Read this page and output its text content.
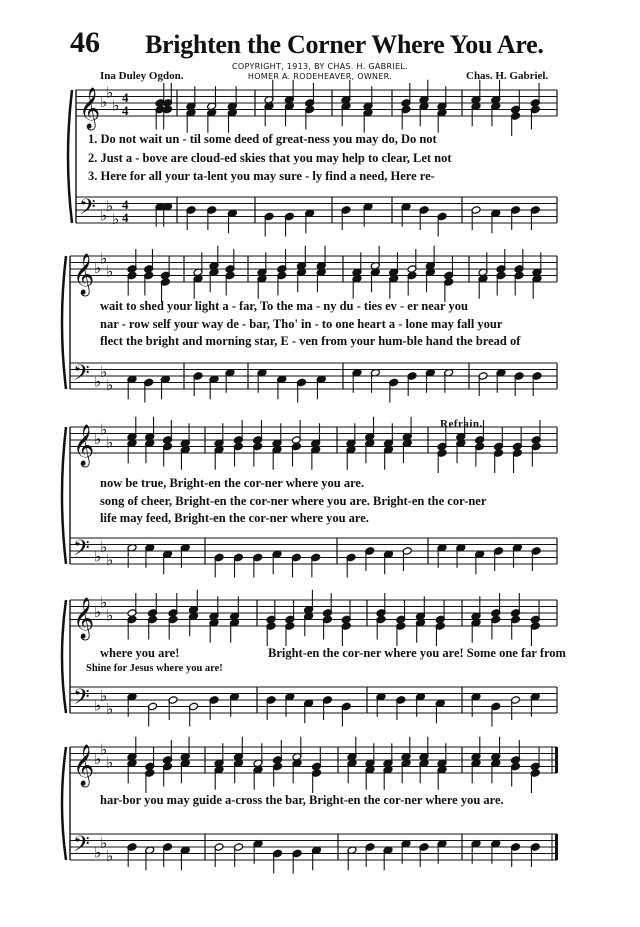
46 Brighten the Corner Where You Are.
Ina Duley Ogdon.	Chas. H. Gabriel.
COPYRIGHT, 1913, BY CHAS. H. GABRIEL.
HOMER A. RODEHEAVER, OWNER.
𝄞
𝄢
♭
♭
♭
♭
♭
♭
4
4
4
4
𝄞
𝄢
♭
♭
♭
♭
♭
♭
𝄞
𝄢
♭
♭
♭
♭
♭
♭
𝄞
𝄢
♭
♭
♭
♭
♭
♭
𝄞
𝄢
♭
♭
♭
♭
♭
♭
1. Do not wait un - til some deed of great-ness you may do, Do not
2. Just a - bove are cloud-ed skies that you may help to clear, Let not
3. Here for all your ta-lent you may sure - ly find a need, Here re-
wait to shed your light a - far, To the ma - ny du - ties ev - er near you
nar - row self your way de - bar, Tho' in - to one heart a - lone may fall your
flect the bright and morning star, E - ven from your hum-ble hand the bread of
Refrain.
now be true, Bright-en the cor-ner where you are.
song of cheer, Bright-en the cor-ner where you are. Bright-en the cor-ner
life may feed, Bright-en the cor-ner where you are.
where you are!	Bright-en the cor-ner where you are! Some one far from
Shine for Jesus where you are!
har-bor you may guide a-cross the bar, Bright-en the cor-ner where you are.
